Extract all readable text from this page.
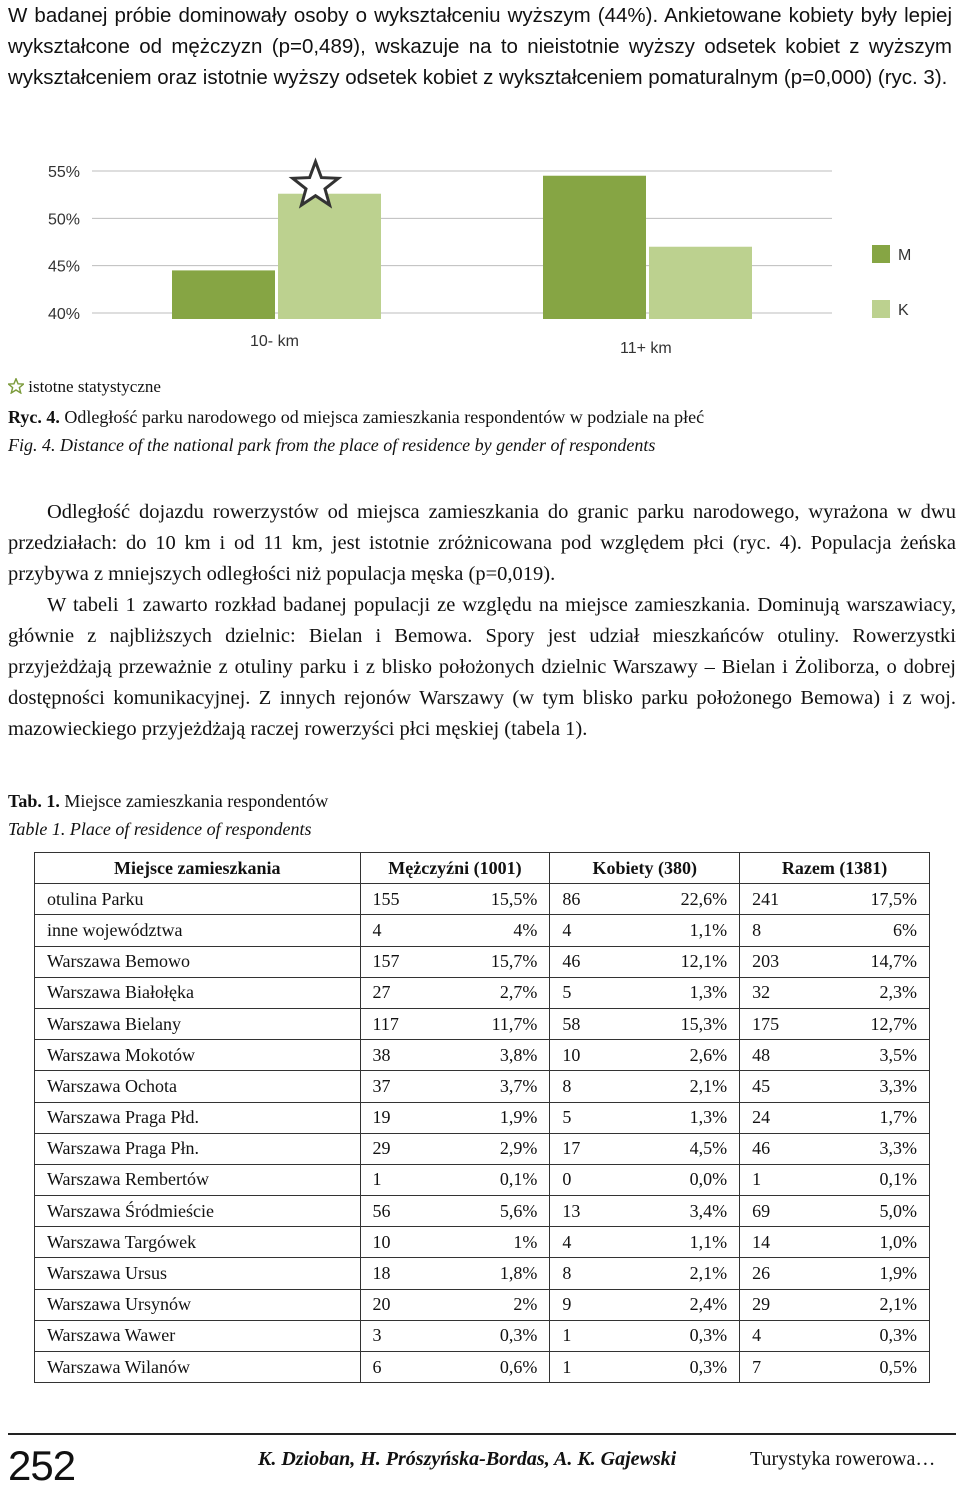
W badanej próbie dominowały osoby o wykształceniu wyższym (44%). Ankietowane kobiety były lepiej wykształcone od mężczyzn (p=0,489), wskazuje na to nieistotnie wyższy odsetek kobiet z wyższym wykształceniem oraz istotnie wyższy odsetek kobiet z wykształceniem pomaturalnym (p=0,000) (ryc. 3).

55%
50%
45%
40%
10- km	11+ km
M
K
istotne statystyczne
Ryc. 4. Odległość parku narodowego od miejsca zamieszkania respondentów w podziale na płeć
Fig. 4. Distance of the national park from the place of residence by gender of respondents

Odległość dojazdu rowerzystów od miejsca zamieszkania do granic parku narodowego, wyrażona w dwu przedziałach: do 10 km i od 11 km, jest istotnie zróżnicowana pod względem płci (ryc. 4). Populacja żeńska przybywa z mniejszych odległości niż populacja męska (p=0,019).

W tabeli 1 zawarto rozkład badanej populacji ze względu na miejsce zamieszkania. Dominują warszawiacy, głównie z najbliższych dzielnic: Bielan i Bemowa. Spory jest udział mieszkańców otuliny. Rowerzystki przyjeżdżają przeważnie z otuliny parku i z blisko położonych dzielnic Warszawy – Bielan i Żoliborza, o dobrej dostępności komunikacyjnej. Z innych rejonów Warszawy (w tym blisko parku położonego Bemowa) i z woj. mazowieckiego przyjeżdżają raczej rowerzyści płci męskiej (tabela 1).

Tab. 1. Miejsce zamieszkania respondentów
Table 1. Place of residence of respondents
Miejsce zamieszkania	Mężczyźni (1001)		Kobiety (380)		Razem (1381)	
otulina Parku	155	15,5%	86	22,6%	241	17,5%
inne województwa	4	4%	4	1,1%	8	6%
Warszawa Bemowo	157	15,7%	46	12,1%	203	14,7%
Warszawa Białołęka	27	2,7%	5	1,3%	32	2,3%
Warszawa Bielany	117	11,7%	58	15,3%	175	12,7%
Warszawa Mokotów	38	3,8%	10	2,6%	48	3,5%
Warszawa Ochota	37	3,7%	8	2,1%	45	3,3%
Warszawa Praga Płd.	19	1,9%	5	1,3%	24	1,7%
Warszawa Praga Płn.	29	2,9%	17	4,5%	46	3,3%
Warszawa Rembertów	1	0,1%	0	0,0%	1	0,1%
Warszawa Śródmieście	56	5,6%	13	3,4%	69	5,0%
Warszawa Targówek	10	1%	4	1,1%	14	1,0%
Warszawa Ursus	18	1,8%	8	2,1%	26	1,9%
Warszawa Ursynów	20	2%	9	2,4%	29	2,1%
Warszawa Wawer	3	0,3%	1	0,3%	4	0,3%
Warszawa Wilanów	6	0,6%	1	0,3%	7	0,5%
252	K. Dzioban, H. Prószyńska-Bordas, A. K. Gajewski	Turystyka rowerowa…
